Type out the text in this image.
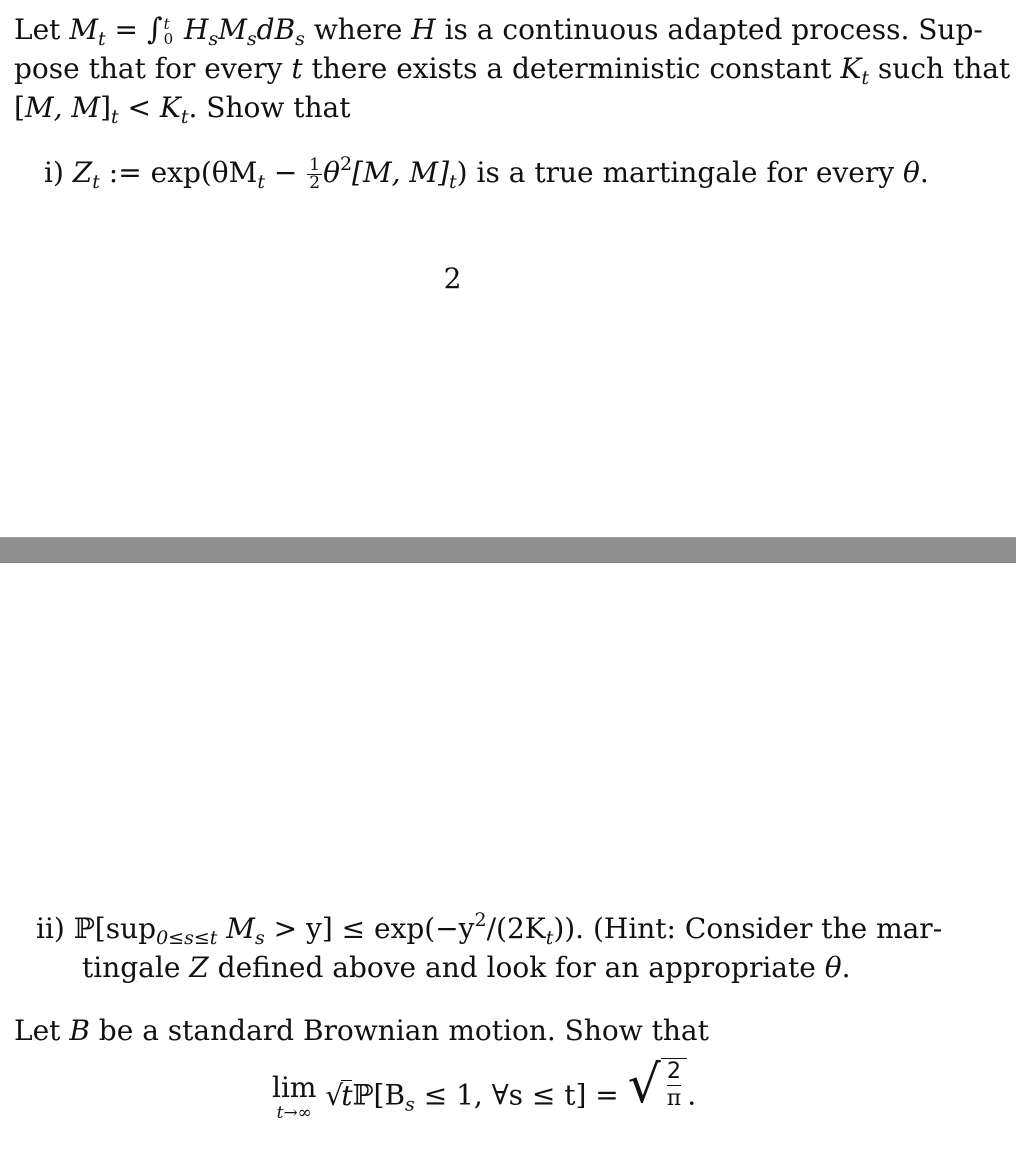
Let $M_t$ = ∫ t
0 $H_sM_sdB_s$ where H is a continuous adapted process. Sup-
pose that for every t there exists a deterministic constant $K_t$ such that
[M, $M]_t < K_t$. Show that
i) $Z_t$ := $\exp(\theta M_t - \frac{1}{2} \theta^2[M$, $M]_t$) is a true martingale for every θ.
2
ii) ℙ[sup$_{0\le s\le t}$ $M_s > y] \le \exp(-y^2/(2K_t))$. (Hint: Consider the mar-
tingale Z defined above and look for an appropriate θ.
Let B be a standard Brownian motion. Show that
lim
t→∞
$√tℙ[B_s \le 1$, ∀s ≤ t] = √ $\frac{2}{\pi}$ .
